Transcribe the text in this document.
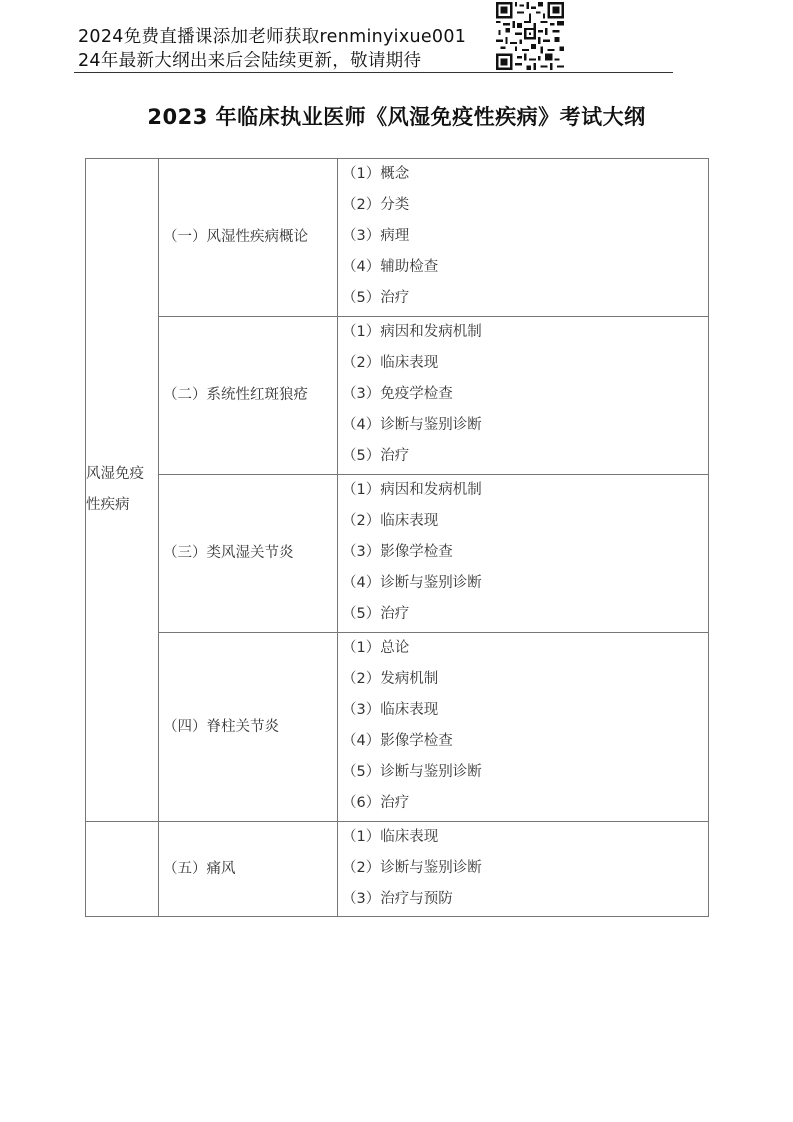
2024免费直播课添加老师获取renminyixue001
24年最新大纲出来后会陆续更新，敬请期待
2023 年临床执业医师《风湿免疫性疾病》考试大纲
风湿免疫
性疾病
（一）风湿性疾病概论
（1）概念
（2）分类
（3）病理
（4）辅助检查
（5）治疗
（二）系统性红斑狼疮
（1）病因和发病机制
（2）临床表现
（3）免疫学检查
（4）诊断与鉴别诊断
（5）治疗
（三）类风湿关节炎
（1）病因和发病机制
（2）临床表现
（3）影像学检查
（4）诊断与鉴别诊断
（5）治疗
（四）脊柱关节炎
（1）总论
（2）发病机制
（3）临床表现
（4）影像学检查
（5）诊断与鉴别诊断
（6）治疗
（五）痛风
（1）临床表现
（2）诊断与鉴别诊断
（3）治疗与预防
